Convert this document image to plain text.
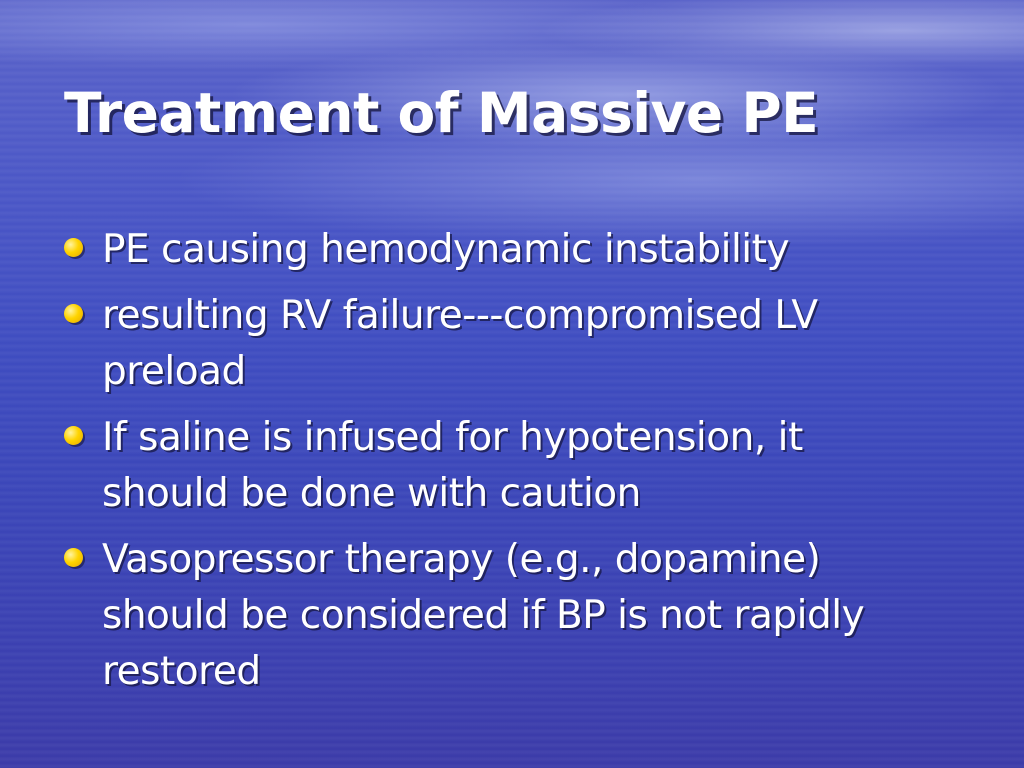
Treatment of Massive PE
PE causing hemodynamic instability
resulting RV failure---compromised LV preload
If saline is infused for hypotension, it should be done with caution
Vasopressor therapy (e.g., dopamine) should be considered if BP is not rapidly restored
